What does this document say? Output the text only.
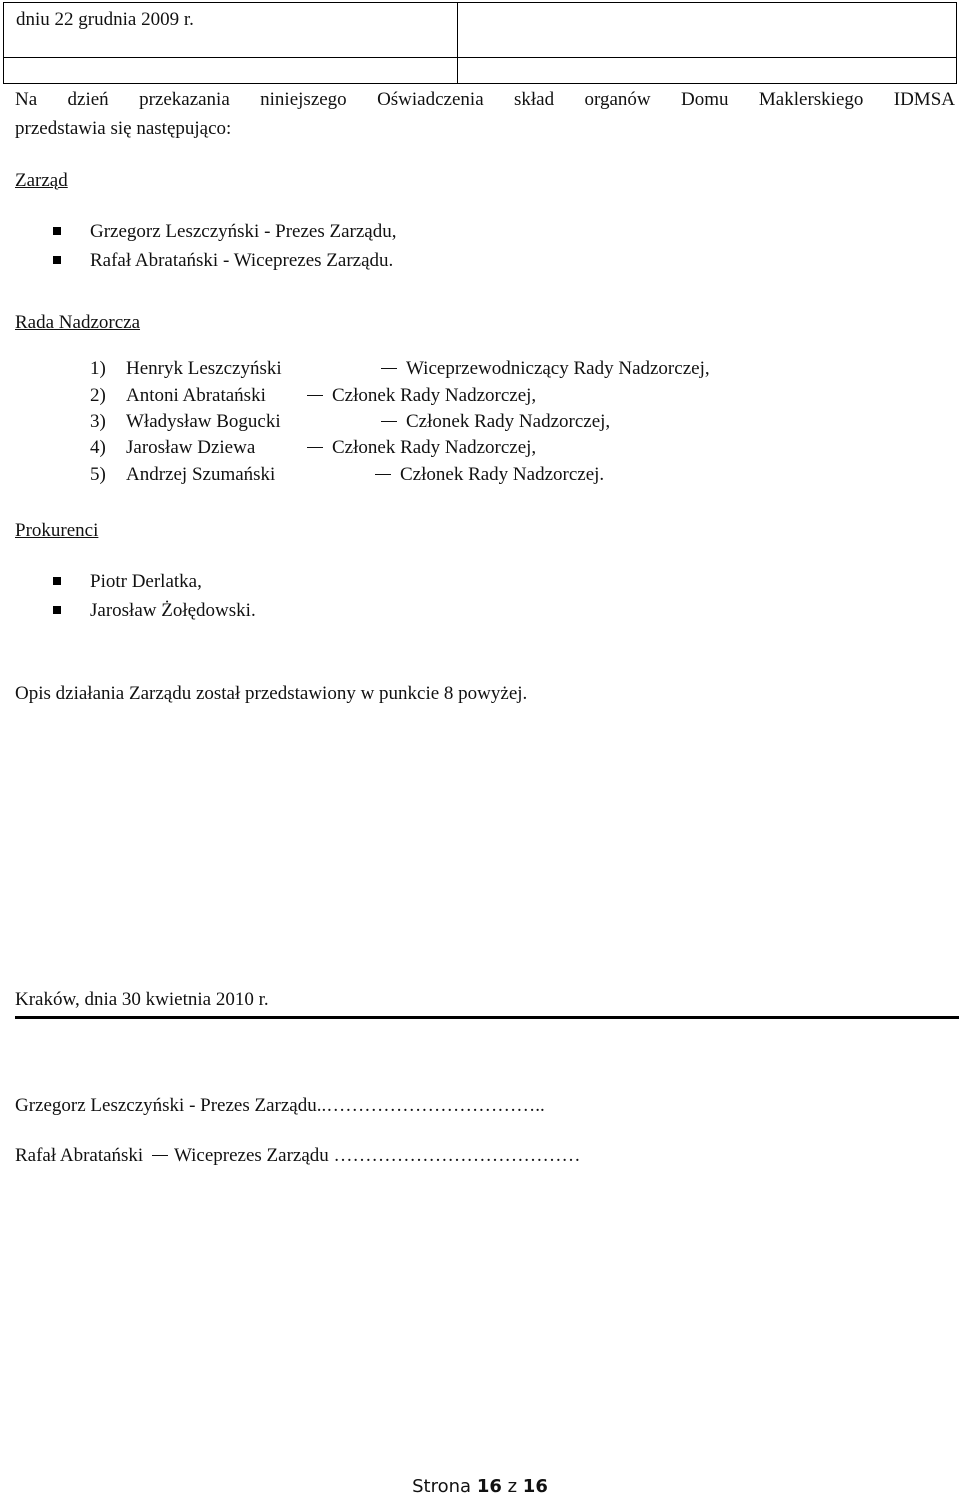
dniu 22 grudnia 2009 r.
Na dzień przekazania niniejszego Oświadczenia skład organów Domu Maklerskiego IDMSA
przedstawia się następująco:
Zarząd
Grzegorz Leszczyński - Prezes Zarządu,
Rafał Abratański - Wiceprezes Zarządu.
Rada Nadzorcza
1) Henryk Leszczyński	Wiceprzewodniczący Rady Nadzorczej,
2) Antoni Abratański	Członek Rady Nadzorczej,
3) Władysław Bogucki	Członek Rady Nadzorczej,
4) Jarosław Dziewa	Członek Rady Nadzorczej,
5) Andrzej Szumański	Członek Rady Nadzorczej.
Prokurenci
Piotr Derlatka,
Jarosław Żołędowski.
Opis działania Zarządu został przedstawiony w punkcie 8 powyżej.
Kraków, dnia 30 kwietnia 2010 r.
Grzegorz Leszczyński - Prezes Zarządu..……………………………..
Rafał Abratański Wiceprezes Zarządu …………………………………
Strona 16 z 16
